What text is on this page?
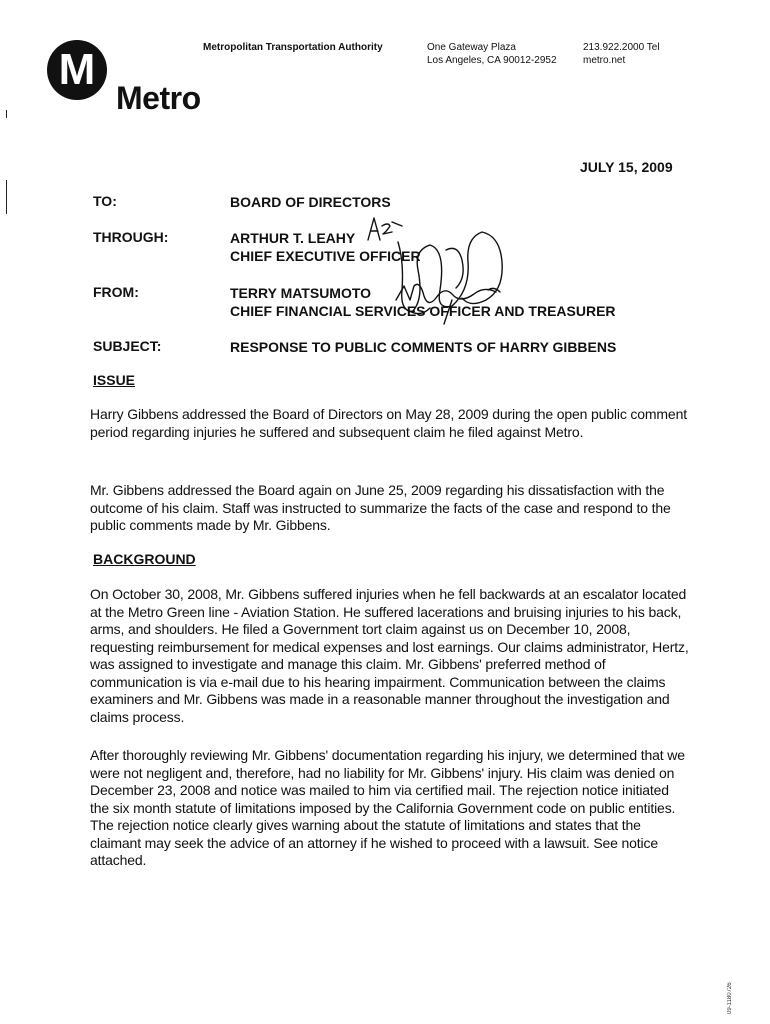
M
Metro
Metropolitan Transportation Authority	One Gateway Plaza
Los Angeles, CA 90012-2952
213.922.2000 Tel
metro.net
JULY 15, 2009
TO:	BOARD OF DIRECTORS
THROUGH:	ARTHUR T. LEAHY
CHIEF EXECUTIVE OFFICER
FROM:	TERRY MATSUMOTO
CHIEF FINANCIAL SERVICES OFFICER AND TREASURER
SUBJECT:	RESPONSE TO PUBLIC COMMENTS OF HARRY GIBBENS
ISSUE
Harry Gibbens addressed the Board of Directors on May 28, 2009 during the open public comment period regarding injuries he suffered and subsequent claim he filed against Metro.
Mr. Gibbens addressed the Board again on June 25, 2009 regarding his dissatisfaction with the outcome of his claim. Staff was instructed to summarize the facts of the case and respond to the public comments made by Mr. Gibbens.
BACKGROUND
On October 30, 2008, Mr. Gibbens suffered injuries when he fell backwards at an escalator located at the Metro Green line - Aviation Station. He suffered lacerations and bruising injuries to his back, arms, and shoulders. He filed a Government tort claim against us on December 10, 2008, requesting reimbursement for medical expenses and lost earnings. Our claims administrator, Hertz, was assigned to investigate and manage this claim. Mr. Gibbens' preferred method of communication is via e-mail due to his hearing impairment. Communication between the claims examiners and Mr. Gibbens was made in a reasonable manner throughout the investigation and claims process.
After thoroughly reviewing Mr. Gibbens' documentation regarding his injury, we determined that we were not negligent and, therefore, had no liability for Mr. Gibbens' injury. His claim was denied on December 23, 2008 and notice was mailed to him via certified mail. The rejection notice initiated the six month statute of limitations imposed by the California Government code on public entities. The rejection notice clearly gives warning about the statute of limitations and states that the claimant may seek the advice of an attorney if he wished to proceed with a lawsuit. See notice attached.
09-1180726
